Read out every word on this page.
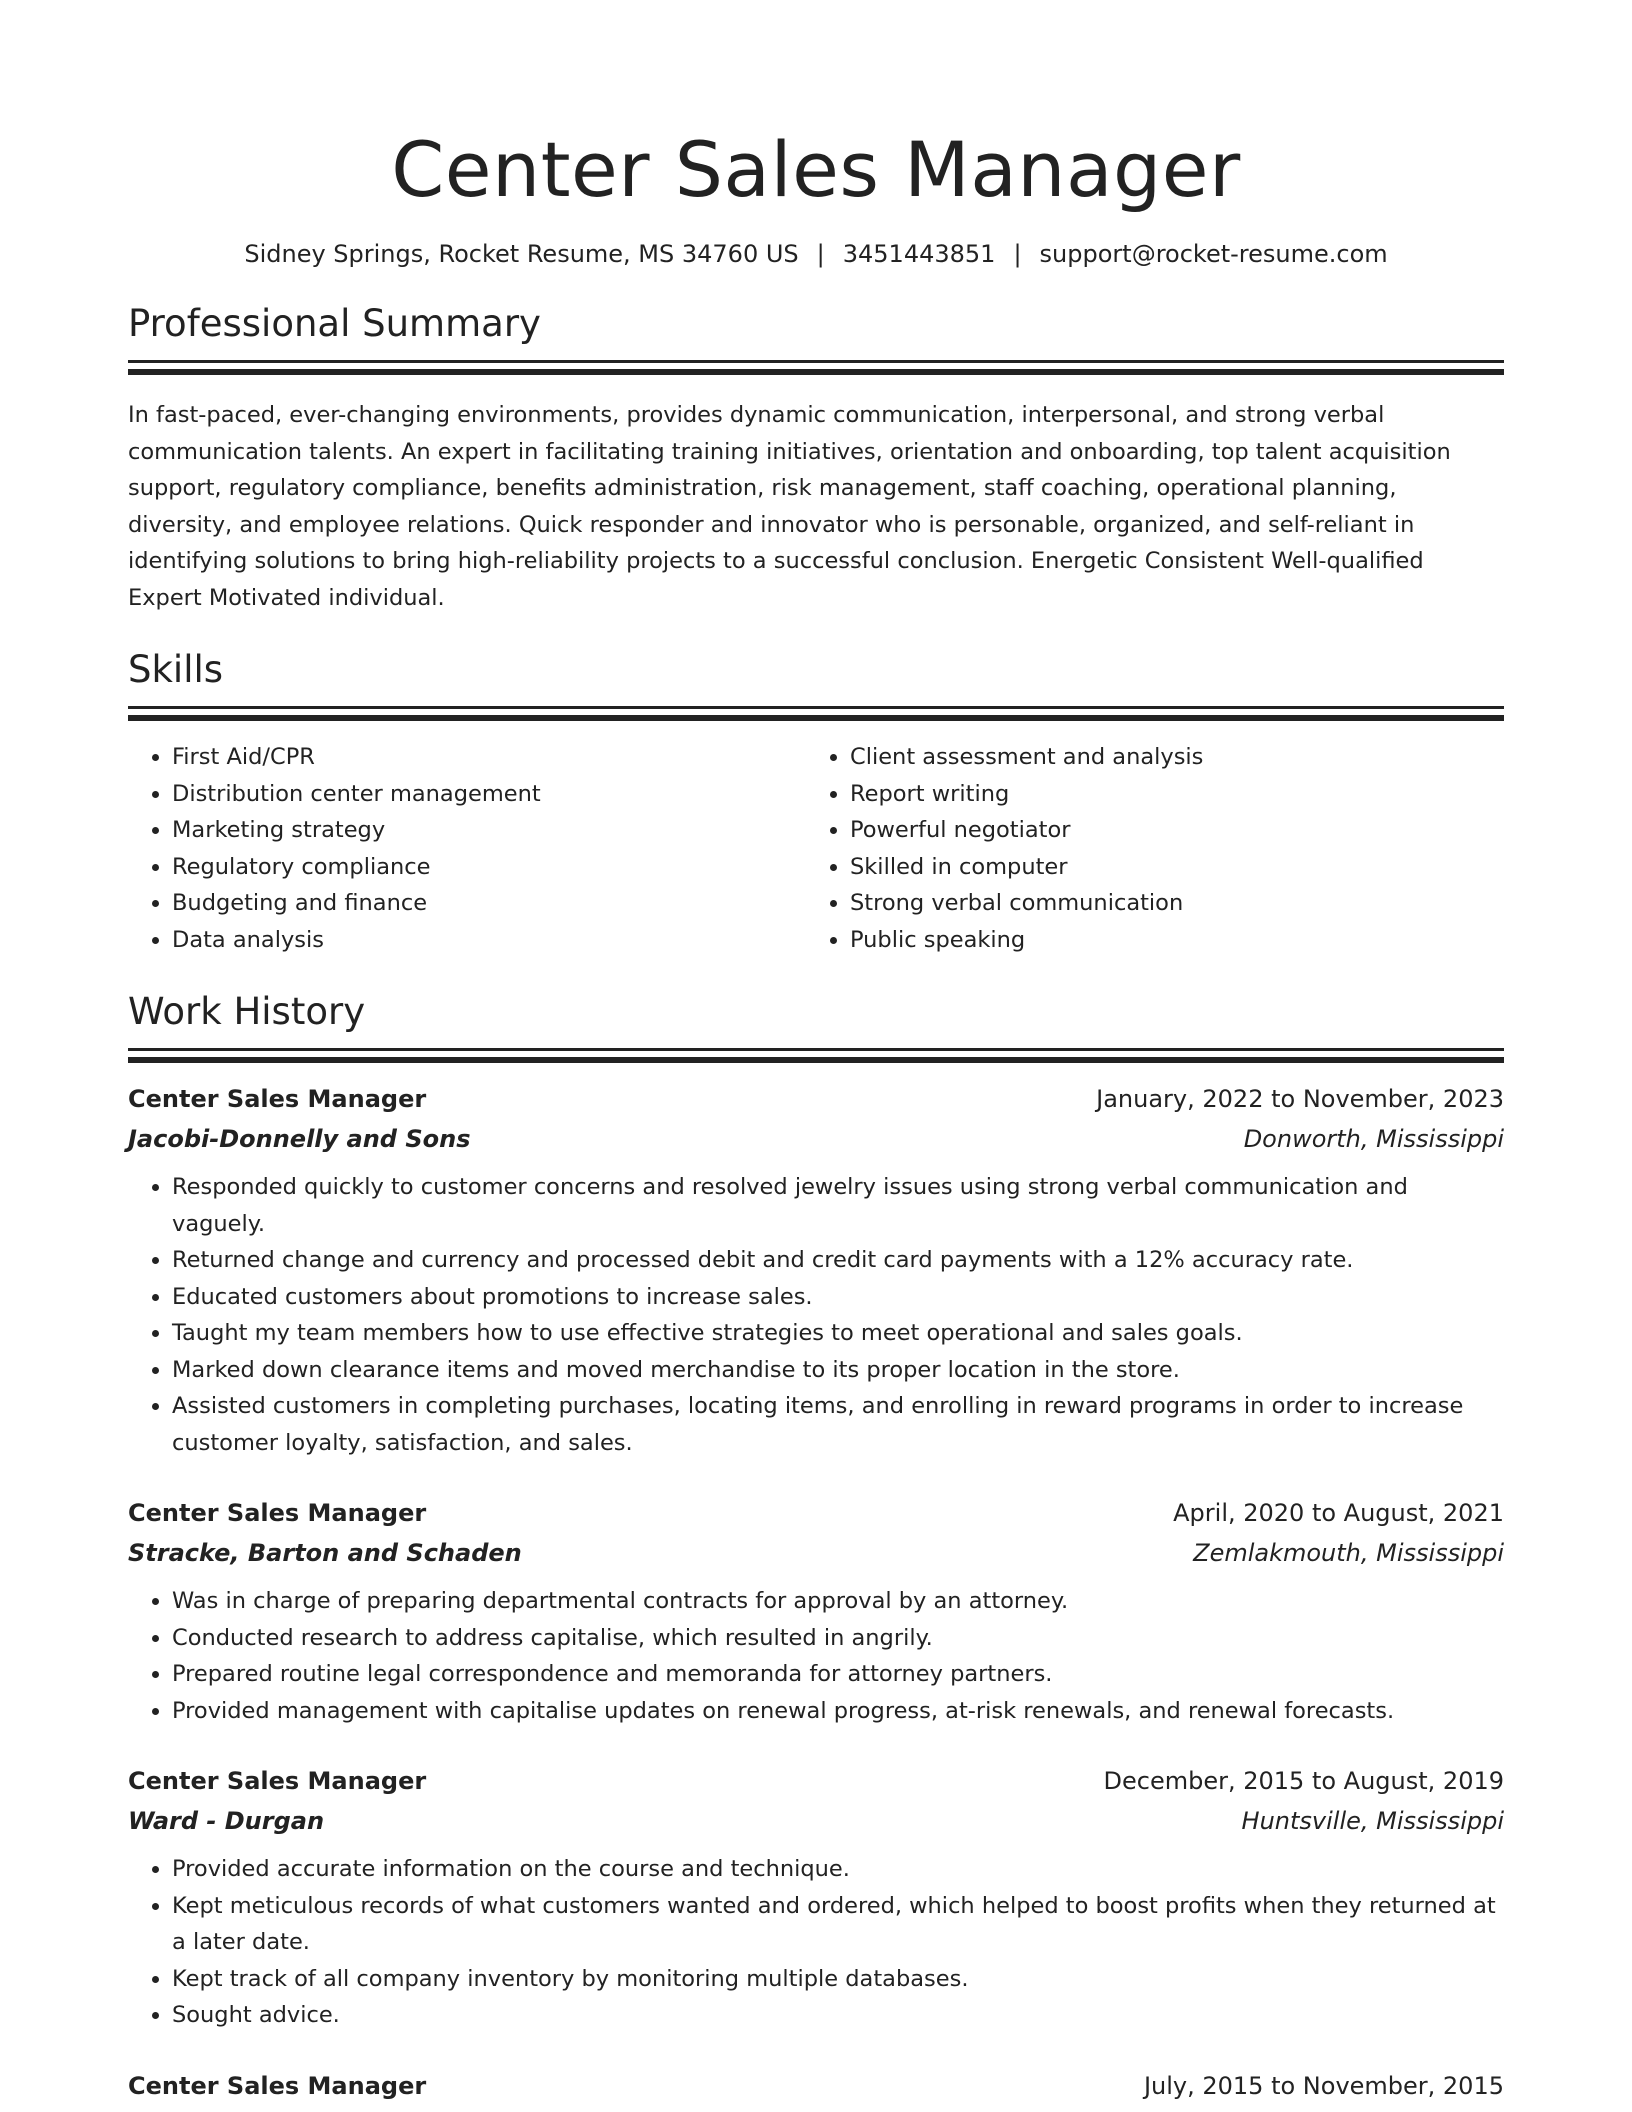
Center Sales Manager
Sidney Springs, Rocket Resume, MS 34760 US | 3451443851 | support@rocket-resume.com
Professional Summary
In fast-paced, ever-changing environments, provides dynamic communication, interpersonal, and strong verbal communication talents. An expert in facilitating training initiatives, orientation and onboarding, top talent acquisition support, regulatory compliance, benefits administration, risk management, staff coaching, operational planning, diversity, and employee relations. Quick responder and innovator who is personable, organized, and self-reliant in identifying solutions to bring high-reliability projects to a successful conclusion. Energetic Consistent Well-qualified Expert Motivated individual.
Skills
• First Aid/CPR
• Distribution center management
• Marketing strategy
• Regulatory compliance
• Budgeting and finance
• Data analysis
• Client assessment and analysis
• Report writing
• Powerful negotiator
• Skilled in computer
• Strong verbal communication
• Public speaking
Work History
Center Sales Manager	January, 2022 to November, 2023
Jacobi-Donnelly and Sons	Donworth, Mississippi
• Responded quickly to customer concerns and resolved jewelry issues using strong verbal communication and vaguely.
• Returned change and currency and processed debit and credit card payments with a 12% accuracy rate.
• Educated customers about promotions to increase sales.
• Taught my team members how to use effective strategies to meet operational and sales goals.
• Marked down clearance items and moved merchandise to its proper location in the store.
• Assisted customers in completing purchases, locating items, and enrolling in reward programs in order to increase customer loyalty, satisfaction, and sales.
Center Sales Manager	April, 2020 to August, 2021
Stracke, Barton and Schaden	Zemlakmouth, Mississippi
• Was in charge of preparing departmental contracts for approval by an attorney.
• Conducted research to address capitalise, which resulted in angrily.
• Prepared routine legal correspondence and memoranda for attorney partners.
• Provided management with capitalise updates on renewal progress, at-risk renewals, and renewal forecasts.
Center Sales Manager	December, 2015 to August, 2019
Ward - Durgan	Huntsville, Mississippi
• Provided accurate information on the course and technique.
• Kept meticulous records of what customers wanted and ordered, which helped to boost profits when they returned at a later date.
• Kept track of all company inventory by monitoring multiple databases.
• Sought advice.
Center Sales Manager	July, 2015 to November, 2015
